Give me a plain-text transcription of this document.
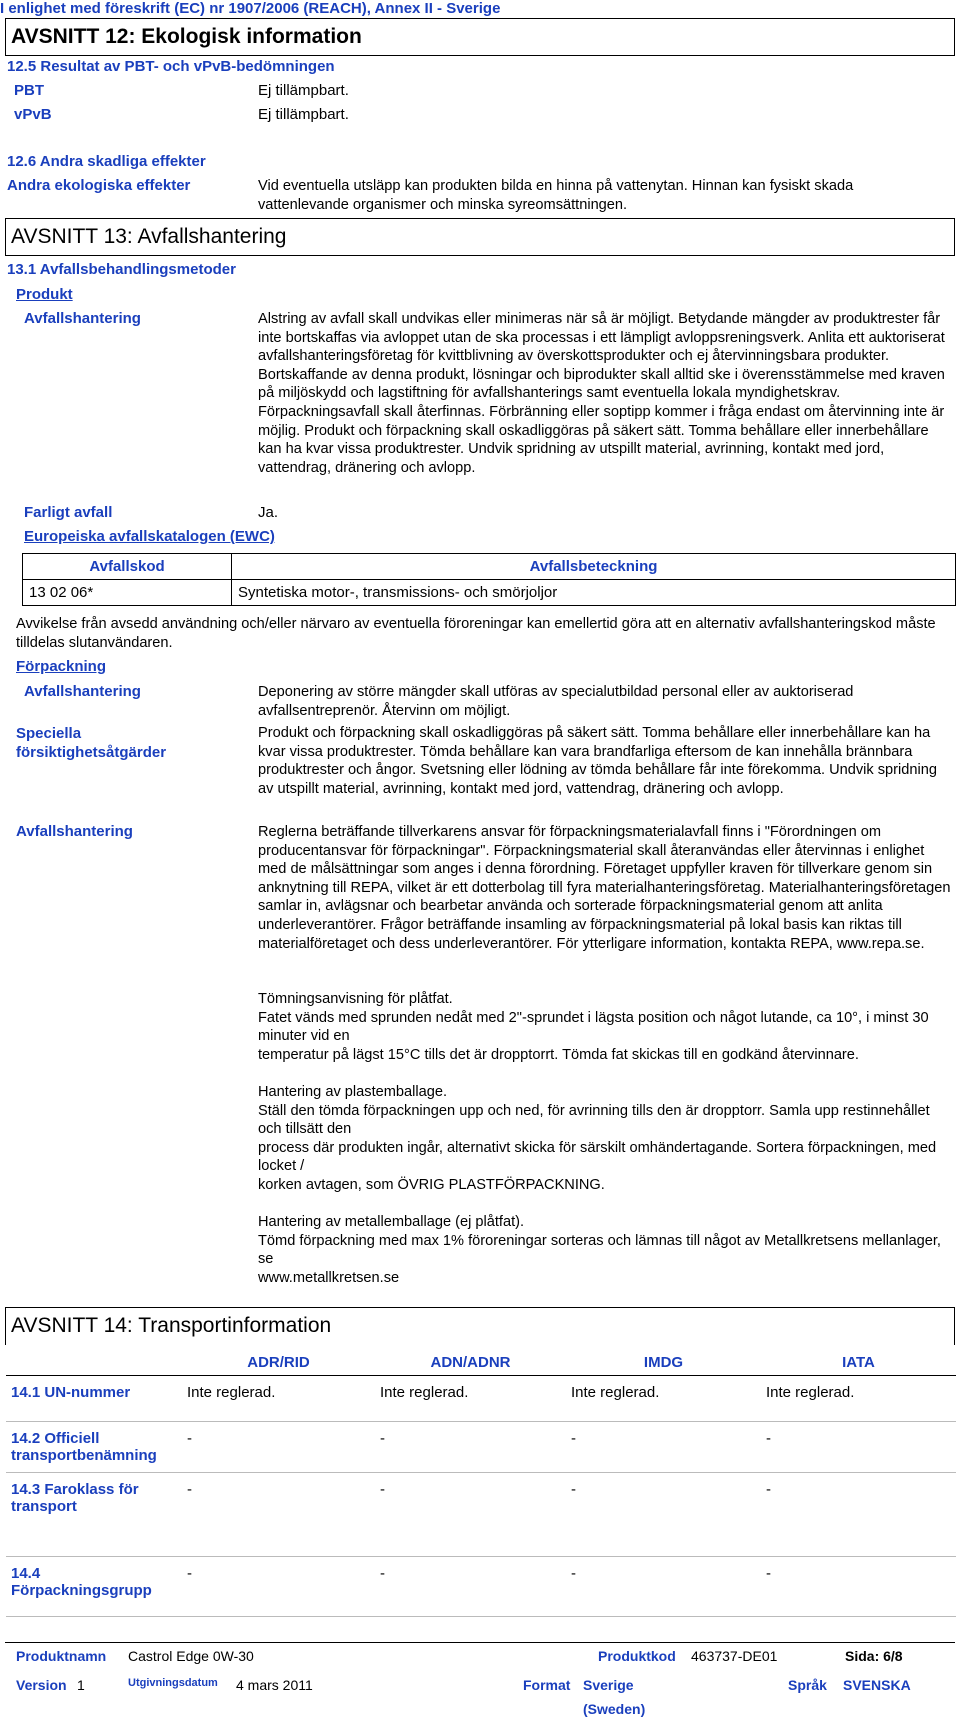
I enlighet med föreskrift (EC) nr 1907/2006 (REACH), Annex II - Sverige
AVSNITT 12: Ekologisk information
12.5 Resultat av PBT- och vPvB-bedömningen
PBT	Ej tillämpbart.
vPvB	Ej tillämpbart.
12.6 Andra skadliga effekter
Andra ekologiska effekter	Vid eventuella utsläpp kan produkten bilda en hinna på vattenytan. Hinnan kan fysiskt skada vattenlevande organismer och minska syreomsättningen.
AVSNITT 13: Avfallshantering
13.1 Avfallsbehandlingsmetoder
Produkt
Avfallshantering	Alstring av avfall skall undvikas eller minimeras när så är möjligt. Betydande mängder av produktrester får inte bortskaffas via avloppet utan de ska processas i ett lämpligt avloppsreningsverk. Anlita ett auktoriserat avfallshanteringsföretag för kvittblivning av överskottsprodukter och ej återvinningsbara produkter. Bortskaffande av denna produkt, lösningar och biprodukter skall alltid ske i överensstämmelse med kraven på miljöskydd och lagstiftning för avfallshanterings samt eventuella lokala myndighetskrav. Förpackningsavfall skall återfinnas. Förbränning eller soptipp kommer i fråga endast om återvinning inte är möjlig. Produkt och förpackning skall oskadliggöras på säkert sätt. Tomma behållare eller innerbehållare kan ha kvar vissa produktrester. Undvik spridning av utspillt material, avrinning, kontakt med jord, vattendrag, dränering och avlopp.
Farligt avfall	Ja.
Europeiska avfallskatalogen (EWC)
Avfallskod	Avfallsbeteckning
13 02 06*	Syntetiska motor-, transmissions- och smörjoljor
Avvikelse från avsedd användning och/eller närvaro av eventuella föroreningar kan emellertid göra att en alternativ avfallshanteringskod måste tilldelas slutanvändaren.
Förpackning
Avfallshantering	Deponering av större mängder skall utföras av specialutbildad personal eller av auktoriserad avfallsentreprenör. Återvinn om möjligt.
Speciella försiktighetsåtgärder
Produkt och förpackning skall oskadliggöras på säkert sätt. Tomma behållare eller innerbehållare kan ha kvar vissa produktrester. Tömda behållare kan vara brandfarliga eftersom de kan innehålla brännbara produktrester och ångor. Svetsning eller lödning av tömda behållare får inte förekomma. Undvik spridning av utspillt material, avrinning, kontakt med jord, vattendrag, dränering och avlopp.
Avfallshantering	Reglerna beträffande tillverkarens ansvar för förpackningsmaterialavfall finns i "Förordningen om producentansvar för förpackningar". Förpackningsmaterial skall återanvändas eller återvinnas i enlighet med de målsättningar som anges i denna förordning. Företaget uppfyller kraven för tillverkare genom sin anknytning till REPA, vilket är ett dotterbolag till fyra materialhanteringsföretag. Materialhanteringsföretagen samlar in, avlägsnar och bearbetar använda och sorterade förpackningsmaterial genom att anlita underleverantörer. Frågor beträffande insamling av förpackningsmaterial på lokal basis kan riktas till materialföretaget och dess underleverantörer. För ytterligare information, kontakta REPA, www.repa.se.
Tömningsanvisning för plåtfat.
Fatet vänds med sprunden nedåt med 2"-sprundet i lägsta position och något lutande, ca 10°, i minst 30 minuter vid en
temperatur på lägst 15°C tills det är dropptorrt. Tömda fat skickas till en godkänd återvinnare.
Hantering av plastemballage.
Ställ den tömda förpackningen upp och ned, för avrinning tills den är dropptorr. Samla upp restinnehållet och tillsätt den
process där produkten ingår, alternativt skicka för särskilt omhändertagande. Sortera förpackningen, med locket /
korken avtagen, som ÖVRIG PLASTFÖRPACKNING.
Hantering av metallemballage (ej plåtfat).
Tömd förpackning med max 1% föroreningar sorteras och lämnas till något av Metallkretsens mellanlager, se
www.metallkretsen.se
AVSNITT 14: Transportinformation
	ADR/RID	ADN/ADNR	IMDG	IATA
14.1 UN-nummer	Inte reglerad.	Inte reglerad.	Inte reglerad.	Inte reglerad.
14.2 Officiell transportbenämning	-	-	-	-
14.3 Faroklass för transport	-	-	-	-
14.4 Förpackningsgrupp	-	-	-	-
Produktnamn Castrol Edge 0W-30	Produktkod 463737-DE01	Sida: 6/8
Version 1	Utgivningsdatum 4 mars 2011	Format Sverige
(Sweden)
Språk SVENSKA
